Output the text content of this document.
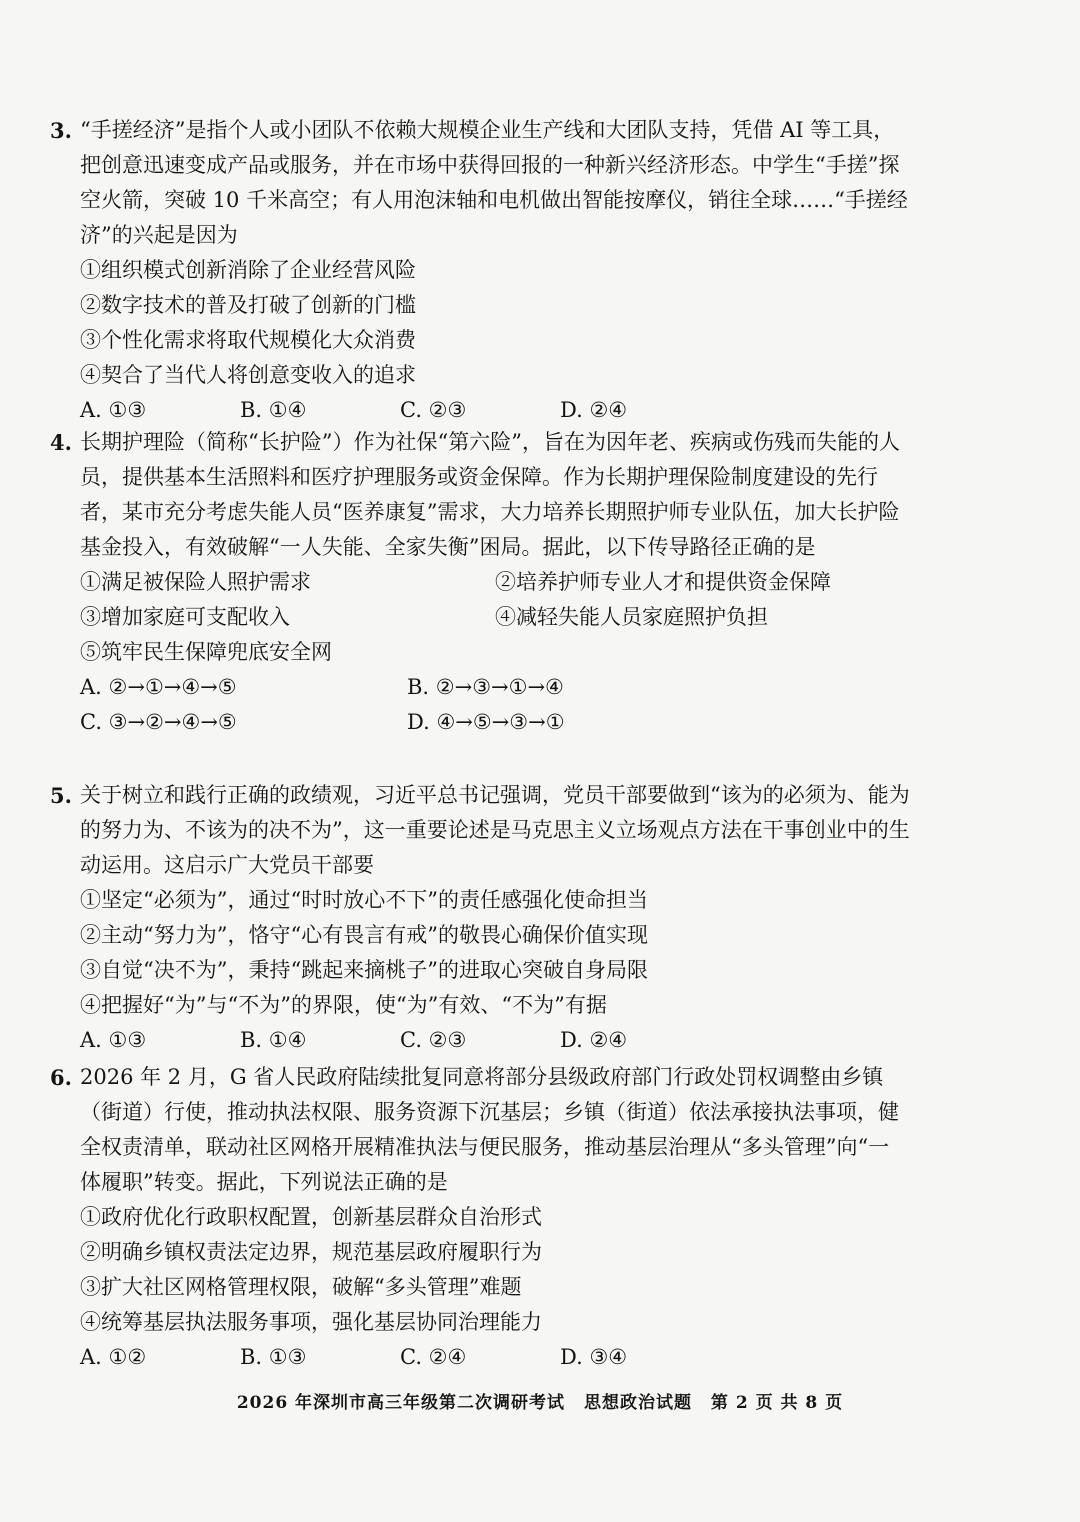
3. “手搓经济”是指个人或小团队不依赖大规模企业生产线和大团队支持，凭借 AI 等工具，把创意迅速变成产品或服务，并在市场中获得回报的一种新兴经济形态。中学生“手搓”探空火箭，突破 10 千米高空；有人用泡沫轴和电机做出智能按摩仪，销往全球……“手搓经济”的兴起是因为
①组织模式创新消除了企业经营风险
②数字技术的普及打破了创新的门槛
③个性化需求将取代规模化大众消费
④契合了当代人将创意变收入的追求
A. ①③	B. ①④	C. ②③	D. ②④
4. 长期护理险（简称“长护险”）作为社保“第六险”，旨在为因年老、疾病或伤残而失能的人员，提供基本生活照料和医疗护理服务或资金保障。作为长期护理保险制度建设的先行者，某市充分考虑失能人员“医养康复”需求，大力培养长期照护师专业队伍，加大长护险基金投入，有效破解“一人失能、全家失衡”困局。据此，以下传导路径正确的是
①满足被保险人照护需求	②培养护师专业人才和提供资金保障
③增加家庭可支配收入	④减轻失能人员家庭照护负担
⑤筑牢民生保障兜底安全网
A. ②→①→④→⑤	B. ②→③→①→④
C. ③→②→④→⑤	D. ④→⑤→③→①
5. 关于树立和践行正确的政绩观，习近平总书记强调，党员干部要做到“该为的必须为、能为的努力为、不该为的决不为”，这一重要论述是马克思主义立场观点方法在干事创业中的生动运用。这启示广大党员干部要
①坚定“必须为”，通过“时时放心不下”的责任感强化使命担当
②主动“努力为”，恪守“心有畏言有戒”的敬畏心确保价值实现
③自觉“决不为”，秉持“跳起来摘桃子”的进取心突破自身局限
④把握好“为”与“不为”的界限，使“为”有效、“不为”有据
A. ①③	B. ①④	C. ②③	D. ②④
6. 2026 年 2 月，G 省人民政府陆续批复同意将部分县级政府部门行政处罚权调整由乡镇（街道）行使，推动执法权限、服务资源下沉基层；乡镇（街道）依法承接执法事项，健全权责清单，联动社区网格开展精准执法与便民服务，推动基层治理从“多头管理”向“一体履职”转变。据此，下列说法正确的是
①政府优化行政职权配置，创新基层群众自治形式
②明确乡镇权责法定边界，规范基层政府履职行为
③扩大社区网格管理权限，破解“多头管理”难题
④统筹基层执法服务事项，强化基层协同治理能力
A. ①②	B. ①③	C. ②④	D. ③④
2026 年深圳市高三年级第二次调研考试 思想政治试题 第 2 页 共 8 页
